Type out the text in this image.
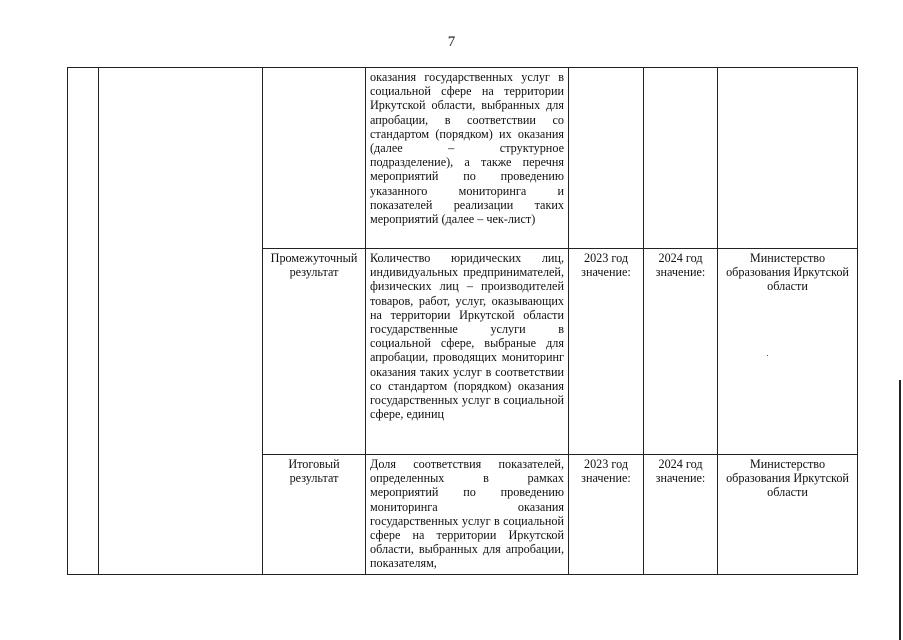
7
			оказания государственных услуг в социальной сфере на территории Иркутской области, выбранных для апробации, в соответствии со стандартом (порядком) их оказания (далее – структурное подразделение), а также перечня мероприятий по проведению указанного мониторинга и показателей реализации таких мероприятий (далее – чек-лист)			
		Промежуточный результат	Количество юридических лиц, индивидуальных предпринимателей, физических лиц – производителей товаров, работ, услуг, оказывающих на территории Иркутской области государственные услуги в социальной сфере, выбраные для апробации, проводящих мониторинг оказания таких услуг в соответствии со стандартом (порядком) оказания государственных услуг в социальной сфере, единиц	2023 год значение:	2024 год значение:	Министерство образования Иркутской области
		Итоговый результат	Доля соответствия показателей, определенных в рамках мероприятий по проведению мониторинга оказания государственных услуг в социальной сфере на территории Иркутской области, выбранных для апробации, показателям,	2023 год значение:	2024 год значение:	Министерство образования Иркутской области
